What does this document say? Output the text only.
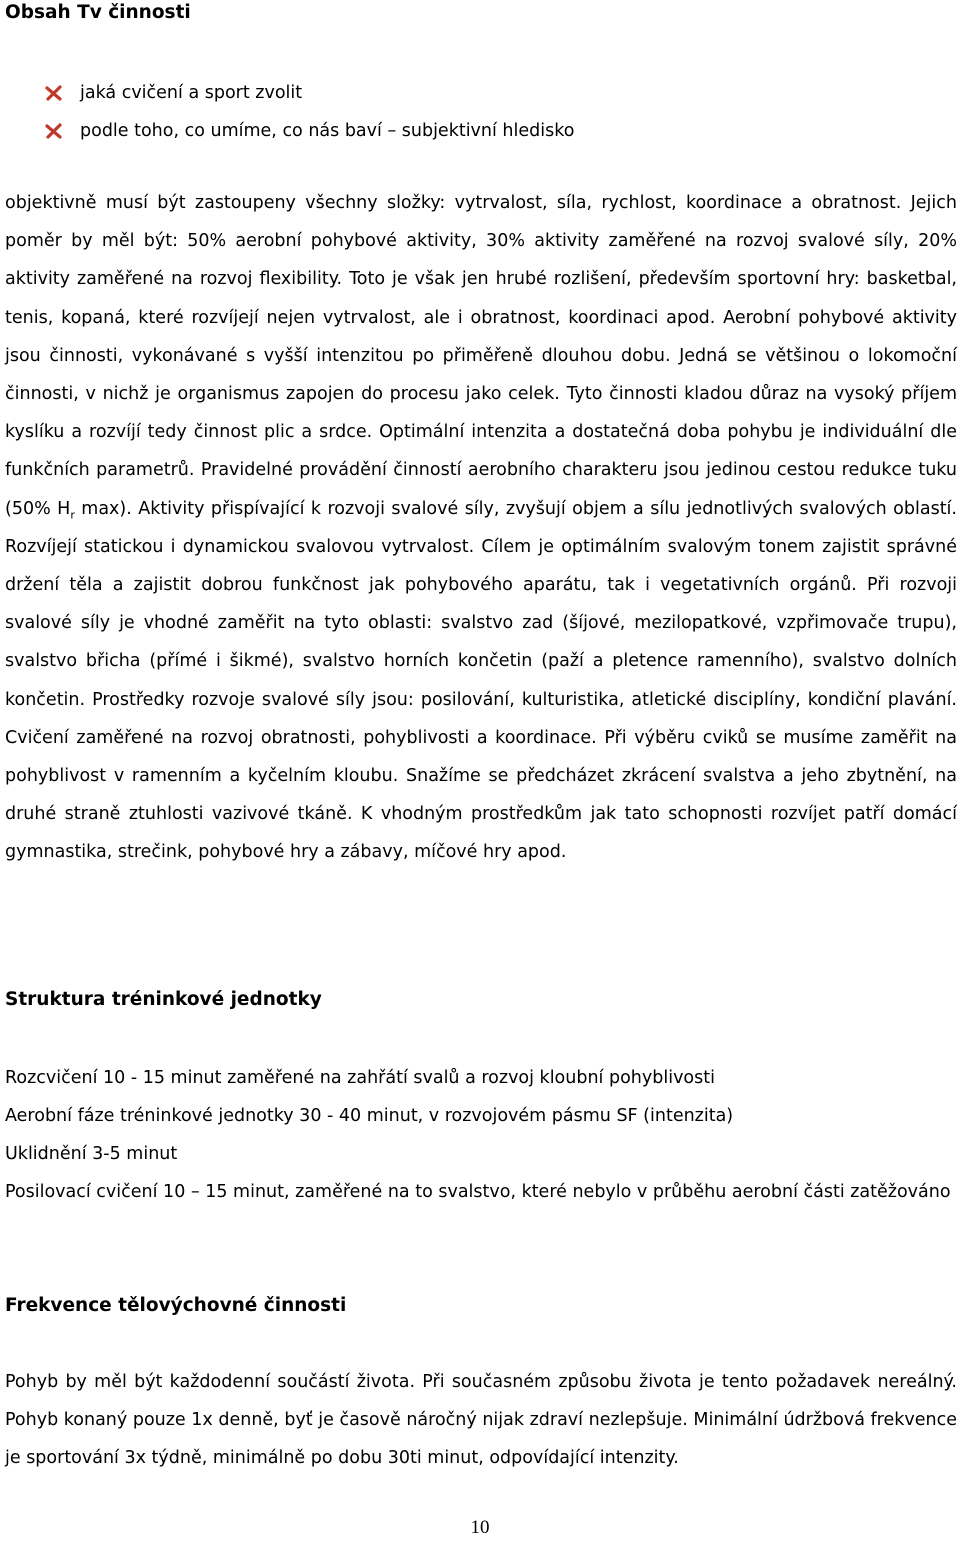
Obsah Tv činnosti
jaká cvičení a sport zvolit
podle toho, co umíme, co nás baví – subjektivní hledisko

objektivně musí být zastoupeny všechny složky: vytrvalost, síla, rychlost, koordinace a obratnost. Jejich poměr by měl být: 50% aerobní pohybové aktivity, 30% aktivity zaměřené na rozvoj svalové síly, 20% aktivity zaměřené na rozvoj flexibility. Toto je však jen hrubé rozlišení, především sportovní hry: basketbal, tenis, kopaná, které rozvíjejí nejen vytrvalost, ale i obratnost, koordinaci apod. Aerobní pohybové aktivity jsou činnosti, vykonávané s vyšší intenzitou po přiměřeně dlouhou dobu. Jedná se většinou o lokomoční činnosti, v nichž je organismus zapojen do procesu jako celek. Tyto činnosti kladou důraz na vysoký příjem kyslíku a rozvíjí tedy činnost plic a srdce. Optimální intenzita a dostatečná doba pohybu je individuální dle funkčních parametrů. Pravidelné provádění činností aerobního charakteru jsou jedinou cestou redukce tuku (50% $H_r$ max). Aktivity přispívající k rozvoji svalové síly, zvyšují objem a sílu jednotlivých svalových oblastí. Rozvíjejí statickou i dynamickou svalovou vytrvalost. Cílem je optimálním svalovým tonem zajistit správné držení těla a zajistit dobrou funkčnost jak pohybového aparátu, tak i vegetativních orgánů. Při rozvoji svalové síly je vhodné zaměřit na tyto oblasti: svalstvo zad (šíjové, mezilopatkové, vzpřimovače trupu), svalstvo břicha (přímé i šikmé), svalstvo horních končetin (paží a pletence ramenního), svalstvo dolních končetin. Prostředky rozvoje svalové síly jsou: posilování, kulturistika, atletické disciplíny, kondiční plavání. Cvičení zaměřené na rozvoj obratnosti, pohyblivosti a koordinace. Při výběru cviků se musíme zaměřit na pohyblivost v ramenním a kyčelním kloubu. Snažíme se předcházet zkrácení svalstva a jeho zbytnění, na druhé straně ztuhlosti vazivové tkáně. K vhodným prostředkům jak tato schopnosti rozvíjet patří domácí gymnastika, strečink, pohybové hry a zábavy, míčové hry apod.

Struktura tréninkové jednotky
Rozcvičení 10 - 15 minut zaměřené na zahřátí svalů a rozvoj kloubní pohyblivosti
Aerobní fáze tréninkové jednotky 30 - 40 minut, v rozvojovém pásmu SF (intenzita)
Uklidnění 3-5 minut
Posilovací cvičení 10 – 15 minut, zaměřené na to svalstvo, které nebylo v průběhu aerobní části zatěžováno
Frekvence tělovýchovné činnosti

Pohyb by měl být každodenní součástí života. Při současném způsobu života je tento požadavek nereálný. Pohyb konaný pouze 1x denně, byť je časově náročný nijak zdraví nezlepšuje. Minimální údržbová frekvence je sportování 3x týdně, minimálně po dobu 30ti minut, odpovídající intenzity.

10
